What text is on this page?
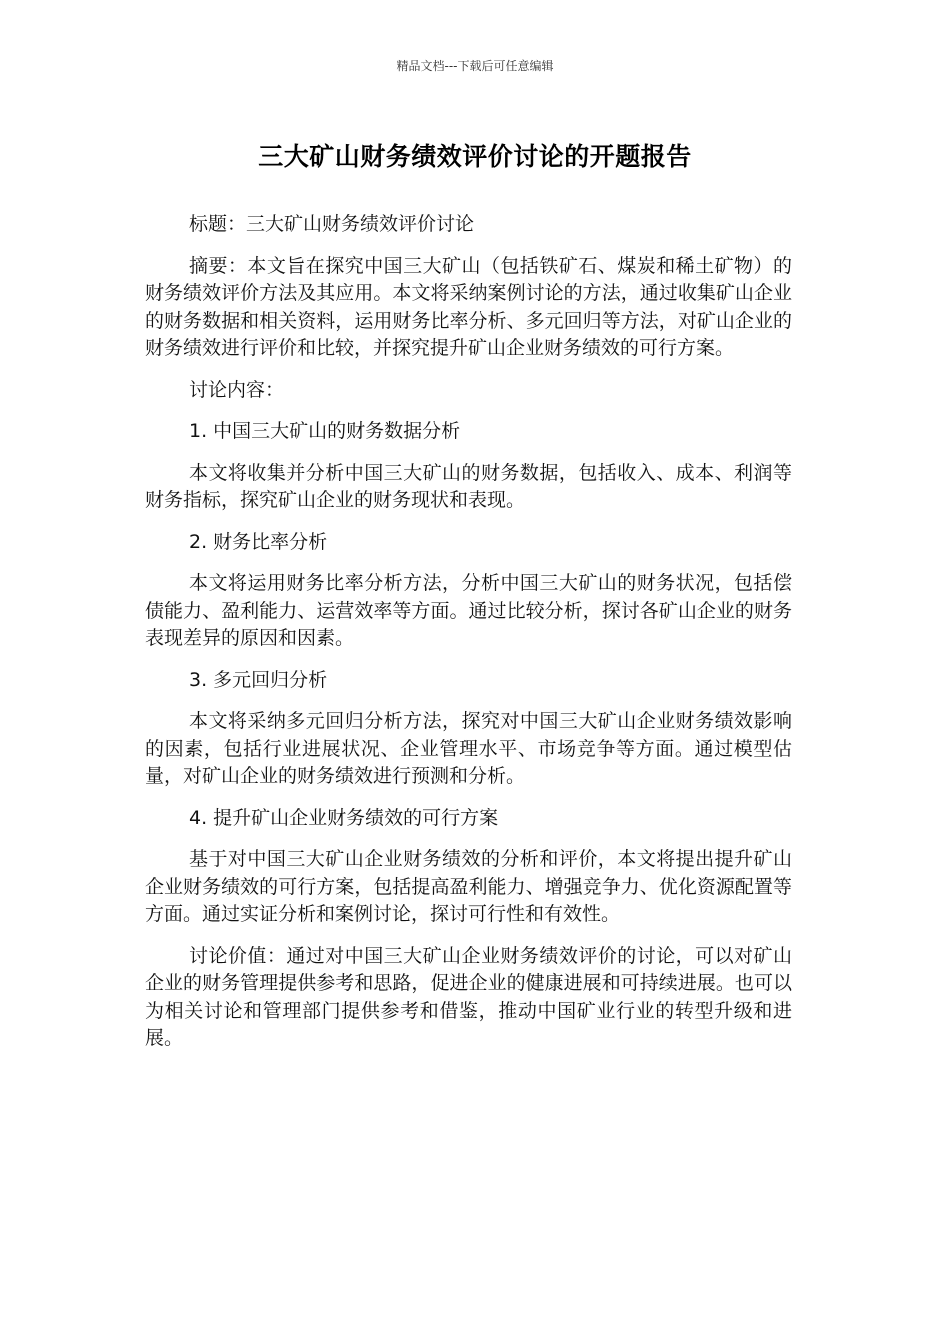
精品文档---下载后可任意编辑
三大矿山财务绩效评价讨论的开题报告

标题：三大矿山财务绩效评价讨论

摘要：本文旨在探究中国三大矿山（包括铁矿石、煤炭和稀土矿物）的财务绩效评价方法及其应用。本文将采纳案例讨论的方法，通过收集矿山企业的财务数据和相关资料，运用财务比率分析、多元回归等方法，对矿山企业的财务绩效进行评价和比较，并探究提升矿山企业财务绩效的可行方案。

讨论内容：

1. 中国三大矿山的财务数据分析

本文将收集并分析中国三大矿山的财务数据，包括收入、成本、利润等财务指标，探究矿山企业的财务现状和表现。

2. 财务比率分析

本文将运用财务比率分析方法，分析中国三大矿山的财务状况，包括偿债能力、盈利能力、运营效率等方面。通过比较分析，探讨各矿山企业的财务表现差异的原因和因素。

3. 多元回归分析

本文将采纳多元回归分析方法，探究对中国三大矿山企业财务绩效影响的因素，包括行业进展状况、企业管理水平、市场竞争等方面。通过模型估量，对矿山企业的财务绩效进行预测和分析。

4. 提升矿山企业财务绩效的可行方案

基于对中国三大矿山企业财务绩效的分析和评价，本文将提出提升矿山企业财务绩效的可行方案，包括提高盈利能力、增强竞争力、优化资源配置等方面。通过实证分析和案例讨论，探讨可行性和有效性。

讨论价值：通过对中国三大矿山企业财务绩效评价的讨论，可以对矿山企业的财务管理提供参考和思路，促进企业的健康进展和可持续进展。也可以为相关讨论和管理部门提供参考和借鉴，推动中国矿业行业的转型升级和进展。
